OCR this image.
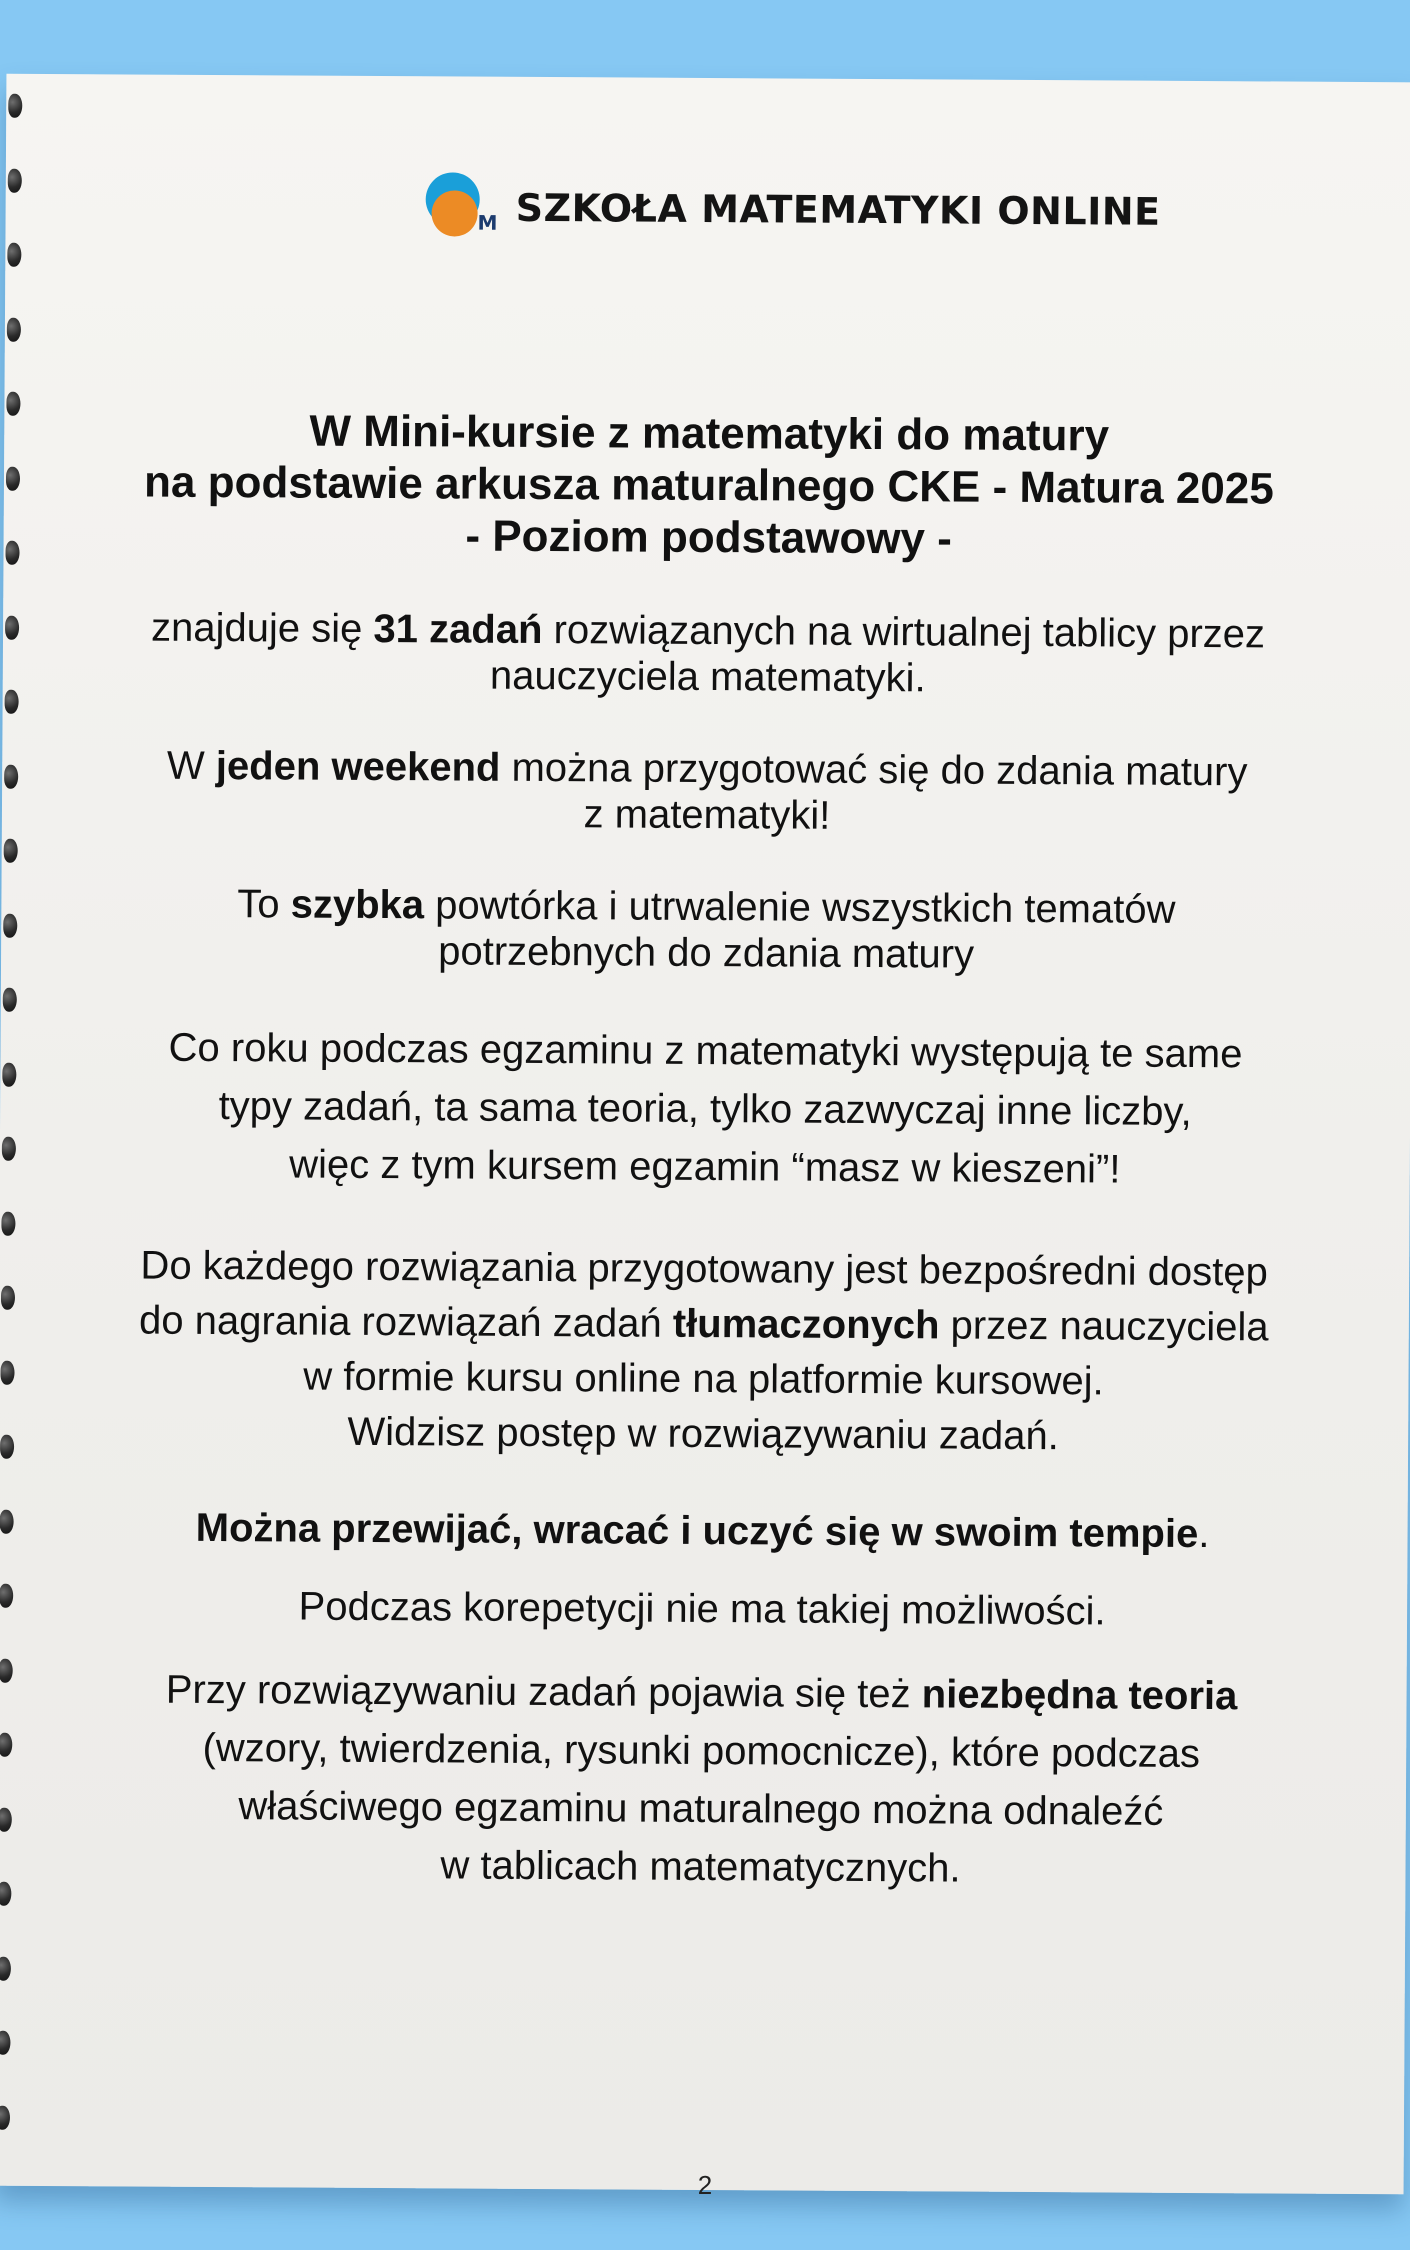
M SZKOŁA MATEMATYKI ONLINE
W Mini-kursie z matematyki do matury
na podstawie arkusza maturalnego CKE - Matura 2025
- Poziom podstawowy -
znajduje się 31 zadań rozwiązanych na wirtualnej tablicy przez
nauczyciela matematyki.
W jeden weekend można przygotować się do zdania matury
z matematyki!
To szybka powtórka i utrwalenie wszystkich tematów
potrzebnych do zdania matury
Co roku podczas egzaminu z matematyki występują te same
typy zadań, ta sama teoria, tylko zazwyczaj inne liczby,
więc z tym kursem egzamin “masz w kieszeni”!
Do każdego rozwiązania przygotowany jest bezpośredni dostęp
do nagrania rozwiązań zadań tłumaczonych przez nauczyciela
w formie kursu online na platformie kursowej.
Widzisz postęp w rozwiązywaniu zadań.
Można przewijać, wracać i uczyć się w swoim tempie.
Podczas korepetycji nie ma takiej możliwości.
Przy rozwiązywaniu zadań pojawia się też niezbędna teoria
(wzory, twierdzenia, rysunki pomocnicze), które podczas
właściwego egzaminu maturalnego można odnaleźć
w tablicach matematycznych.
2
